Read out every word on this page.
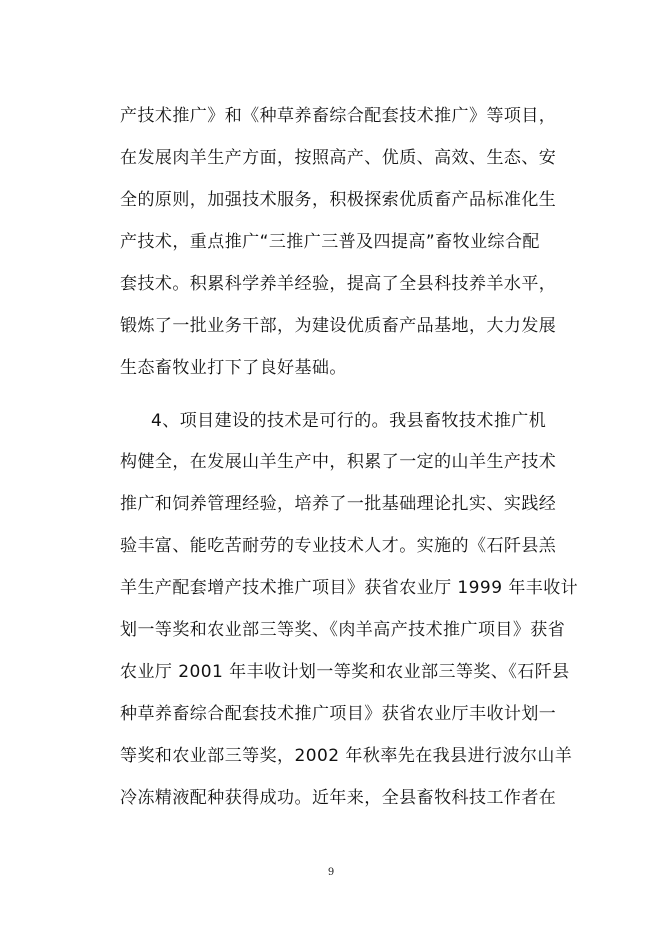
产技术推广》和《种草养畜综合配套技术推广》等项目，
在发展肉羊生产方面，按照高产、优质、高效、生态、安
全的原则，加强技术服务，积极探索优质畜产品标准化生
产技术，重点推广“三推广三普及四提高”畜牧业综合配
套技术。积累科学养羊经验，提高了全县科技养羊水平，
锻炼了一批业务干部，为建设优质畜产品基地，大力发展
生态畜牧业打下了良好基础。
4、项目建设的技术是可行的。我县畜牧技术推广机
构健全，在发展山羊生产中，积累了一定的山羊生产技术
推广和饲养管理经验，培养了一批基础理论扎实、实践经
验丰富、能吃苦耐劳的专业技术人才。实施的《石阡县羔
羊生产配套增产技术推广项目》获省农业厅 1999 年丰收计
划一等奖和农业部三等奖、《肉羊高产技术推广项目》获省
农业厅 2001 年丰收计划一等奖和农业部三等奖、《石阡县
种草养畜综合配套技术推广项目》获省农业厅丰收计划一
等奖和农业部三等奖，2002 年秋率先在我县进行波尔山羊
冷冻精液配种获得成功。近年来，全县畜牧科技工作者在
9
